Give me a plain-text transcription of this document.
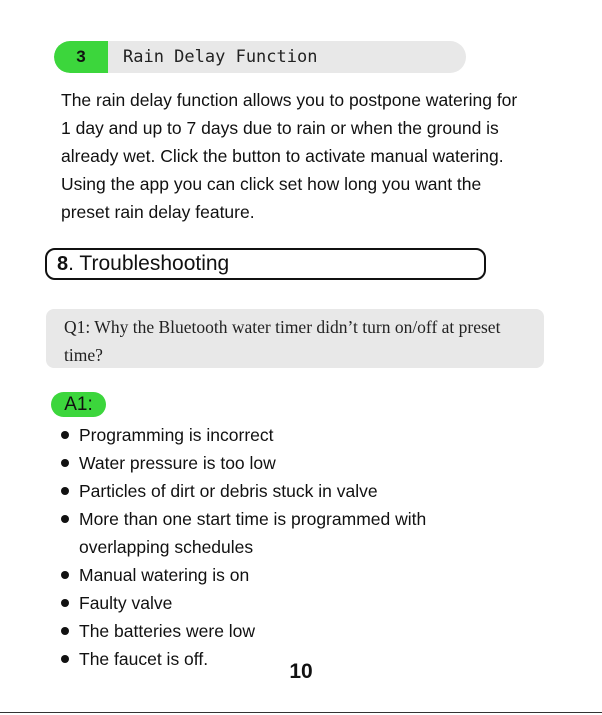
3	Rain Delay Function

The rain delay function allows you to postpone watering for 1 day and up to 7 days due to rain or when the ground is already wet. Click the button to activate manual watering. Using the app you can click set how long you want the preset rain delay feature.

8 . Troubleshooting
Q1: Why the Bluetooth water timer didn’t turn on/off at preset time?
A1:
Programming is incorrect
Water pressure is too low
Particles of dirt or debris stuck in valve
More than one start time is programmed with overlapping schedules
Manual watering is on
Faulty valve
The batteries were low
The faucet is off.
10
